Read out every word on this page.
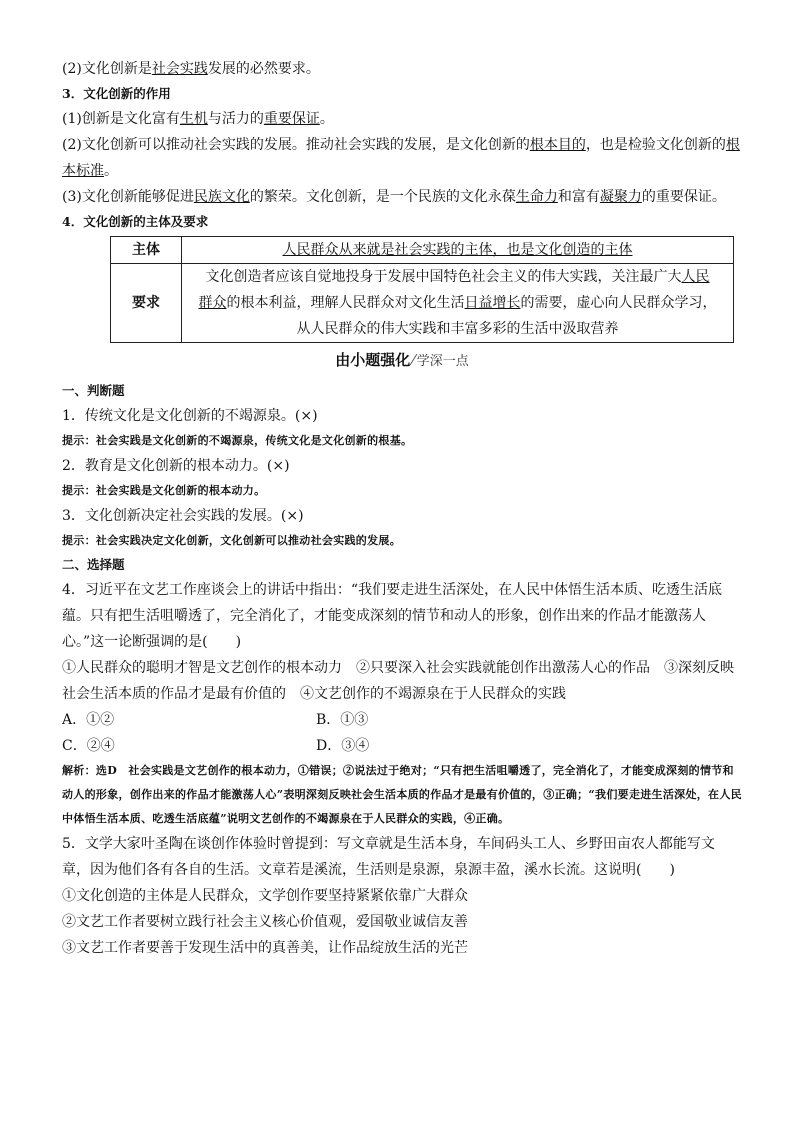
(2)文化创新是社会实践发展的必然要求。
3．文化创新的作用
(1)创新是文化富有生机与活力的重要保证。
(2)文化创新可以推动社会实践的发展。推动社会实践的发展，是文化创新的根本目的，也是检验文化创新的根本标准。
(3)文化创新能够促进民族文化的繁荣。文化创新，是一个民族的文化永葆生命力和富有凝聚力的重要保证。
4．文化创新的主体及要求
主体	人民群众从来就是社会实践的主体，也是文化创造的主体
要求	文化创造者应该自觉地投身于发展中国特色社会主义的伟大实践，关注最广大人民
群众的根本利益，理解人民群众对文化生活日益增长的需要，虚心向人民群众学习，
从人民群众的伟大实践和丰富多彩的生活中汲取营养
由小题强化 ⁄ 学深一点
一、判断题
1．传统文化是文化创新的不竭源泉。(×)
提示：社会实践是文化创新的不竭源泉，传统文化是文化创新的根基。
2．教育是文化创新的根本动力。(×)
提示：社会实践是文化创新的根本动力。
3．文化创新决定社会实践的发展。(×)
提示：社会实践决定文化创新，文化创新可以推动社会实践的发展。
二、选择题
4．习近平在文艺工作座谈会上的讲话中指出：“我们要走进生活深处，在人民中体悟生活本质、吃透生活底蕴。只有把生活咀嚼透了，完全消化了，才能变成深刻的情节和动人的形象，创作出来的作品才能激荡人心。”这一论断强调的是(　　)
①人民群众的聪明才智是文艺创作的根本动力　②只要深入社会实践就能创作出激荡人心的作品　③深刻反映社会生活本质的作品才是最有价值的　④文艺创作的不竭源泉在于人民群众的实践
A．①②	B．①③
C．②④	D．③④
解析：选D　社会实践是文艺创作的根本动力，①错误；②说法过于绝对；“只有把生活咀嚼透了，完全消化了，才能变成深刻的情节和动人的形象，创作出来的作品才能激荡人心”表明深刻反映社会生活本质的作品才是最有价值的，③正确；“我们要走进生活深处，在人民中体悟生活本质、吃透生活底蕴”说明文艺创作的不竭源泉在于人民群众的实践，④正确。
5．文学大家叶圣陶在谈创作体验时曾提到：写文章就是生活本身，车间码头工人、乡野田亩农人都能写文章，因为他们各有各自的生活。文章若是溪流，生活则是泉源，泉源丰盈，溪水长流。这说明(　　)
①文化创造的主体是人民群众，文学创作要坚持紧紧依靠广大群众
②文艺工作者要树立践行社会主义核心价值观，爱国敬业诚信友善
③文艺工作者要善于发现生活中的真善美，让作品绽放生活的光芒
